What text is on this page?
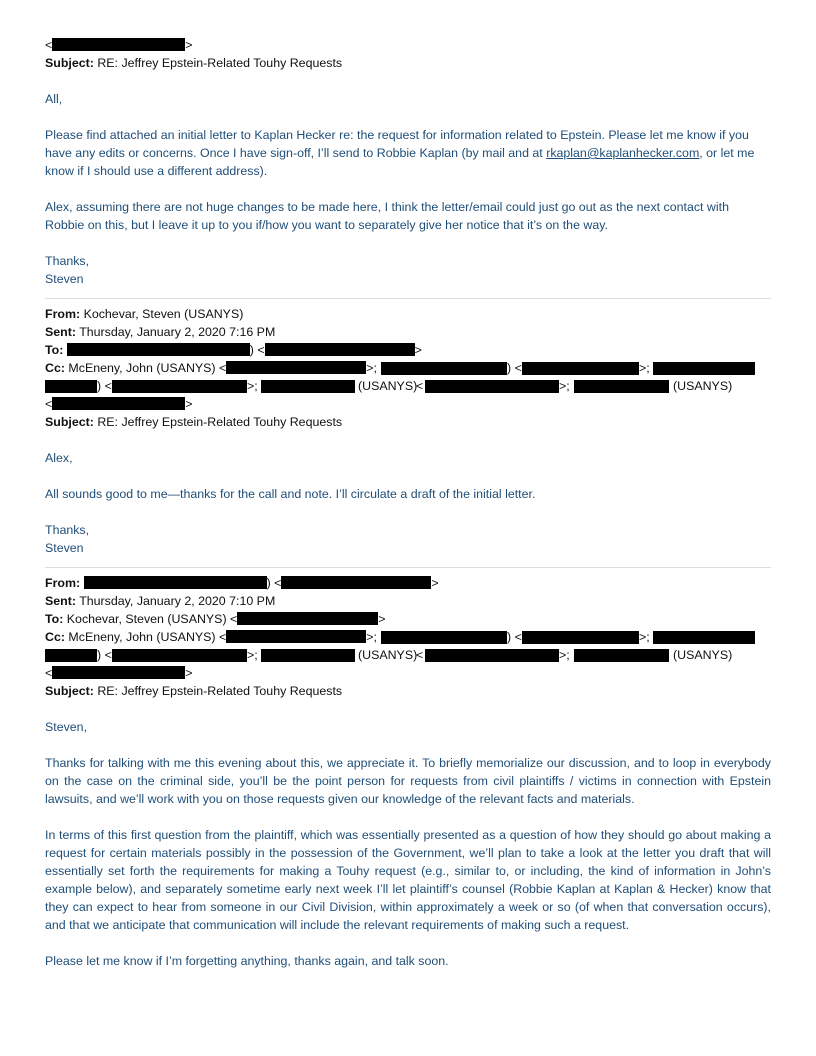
<	>
Subject: RE: Jeffrey Epstein-Related Touhy Requests
All,

Please find attached an initial letter to Kaplan Hecker re: the request for information related to Epstein. Please let me know if you have any edits or concerns. Once I have sign-off, I’ll send to Robbie Kaplan (by mail and at rkaplan@kaplanhecker.com, or let me know if I should use a different address).

Alex, assuming there are not huge changes to be made here, I think the letter/email could just go out as the next contact with Robbie on this, but I leave it up to you if/how you want to separately give her notice that it’s on the way.

Thanks,
Steven
From: Kochevar, Steven (USANYS)
Sent: Thursday, January 2, 2020 7:16 PM
To:	) <	>
Cc: McEneny, John (USANYS) <	>;	) <	>;
) <	>;	(USANYS)
<	>;	(USANYS)
<	>
Subject: RE: Jeffrey Epstein-Related Touhy Requests
Alex,
All sounds good to me—thanks for the call and note. I’ll circulate a draft of the initial letter.
Thanks,
Steven
From:	) <	>
Sent: Thursday, January 2, 2020 7:10 PM
To: Kochevar, Steven (USANYS) <	>
Cc: McEneny, John (USANYS) <	>;	) <	>;
) <	>;	(USANYS)
<	>;	(USANYS)
<	>
Subject: RE: Jeffrey Epstein-Related Touhy Requests
Steven,

Thanks for talking with me this evening about this, we appreciate it. To briefly memorialize our discussion, and to loop in everybody on the case on the criminal side, you’ll be the point person for requests from civil plaintiffs / victims in connection with Epstein lawsuits, and we’ll work with you on those requests given our knowledge of the relevant facts and materials.

In terms of this first question from the plaintiff, which was essentially presented as a question of how they should go about making a request for certain materials possibly in the possession of the Government, we’ll plan to take a look at the letter you draft that will essentially set forth the requirements for making a Touhy request (e.g., similar to, or including, the kind of information in John’s example below), and separately sometime early next week I’ll let plaintiff’s counsel (Robbie Kaplan at Kaplan & Hecker) know that they can expect to hear from someone in our Civil Division, within approximately a week or so (of when that conversation occurs), and that we anticipate that communication will include the relevant requirements of making such a request.

Please let me know if I’m forgetting anything, thanks again, and talk soon.
